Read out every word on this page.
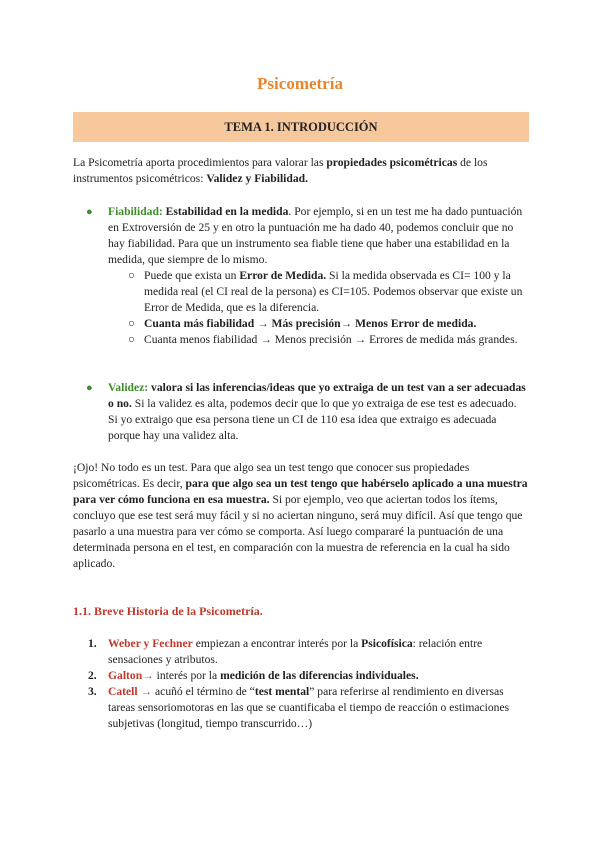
Psicometría
TEMA 1. INTRODUCCIÓN

La Psicometría aporta procedimientos para valorar las propiedades psicométricas de los instrumentos psicométricos: Validez y Fiabilidad.

● Fiabilidad: Estabilidad en la medida. Por ejemplo, si en un test me ha dado puntuación en Extroversión de 25 y en otro la puntuación me ha dado 40, podemos concluir que no hay fiabilidad. Para que un instrumento sea fiable tiene que haber una estabilidad en la medida, que siempre de lo mismo.
○ Puede que exista un Error de Medida. Si la medida observada es CI= 100 y la medida real (el CI real de la persona) es CI=105. Podemos observar que existe un Error de Medida, que es la diferencia.
○ Cuanta más fiabilidad → Más precisión→ Menos Error de medida.
○ Cuanta menos fiabilidad → Menos precisión → Errores de medida más grandes.
● Validez: valora si las inferencias/ideas que yo extraiga de un test van a ser adecuadas o no. Si la validez es alta, podemos decir que lo que yo extraiga de ese test es adecuado. Si yo extraigo que esa persona tiene un CI de 110 esa idea que extraigo es adecuada porque hay una validez alta.

¡Ojo! No todo es un test. Para que algo sea un test tengo que conocer sus propiedades psicométricas. Es decir, para que algo sea un test tengo que habérselo aplicado a una muestra para ver cómo funciona en esa muestra. Si por ejemplo, veo que aciertan todos los ítems, concluyo que ese test será muy fácil y si no aciertan ninguno, será muy difícil. Así que tengo que pasarlo a una muestra para ver cómo se comporta. Así luego compararé la puntuación de una determinada persona en el test, en comparación con la muestra de referencia en la cual ha sido aplicado.

1.1. Breve Historia de la Psicometría.
1. Weber y Fechner empiezan a encontrar interés por la Psicofísica: relación entre sensaciones y atributos.
2. Galton→ interés por la medición de las diferencias individuales.
3. Catell → acuñó el término de “test mental” para referirse al rendimiento en diversas tareas sensoriomotoras en las que se cuantificaba el tiempo de reacción o estimaciones subjetivas (longitud, tiempo transcurrido…)
